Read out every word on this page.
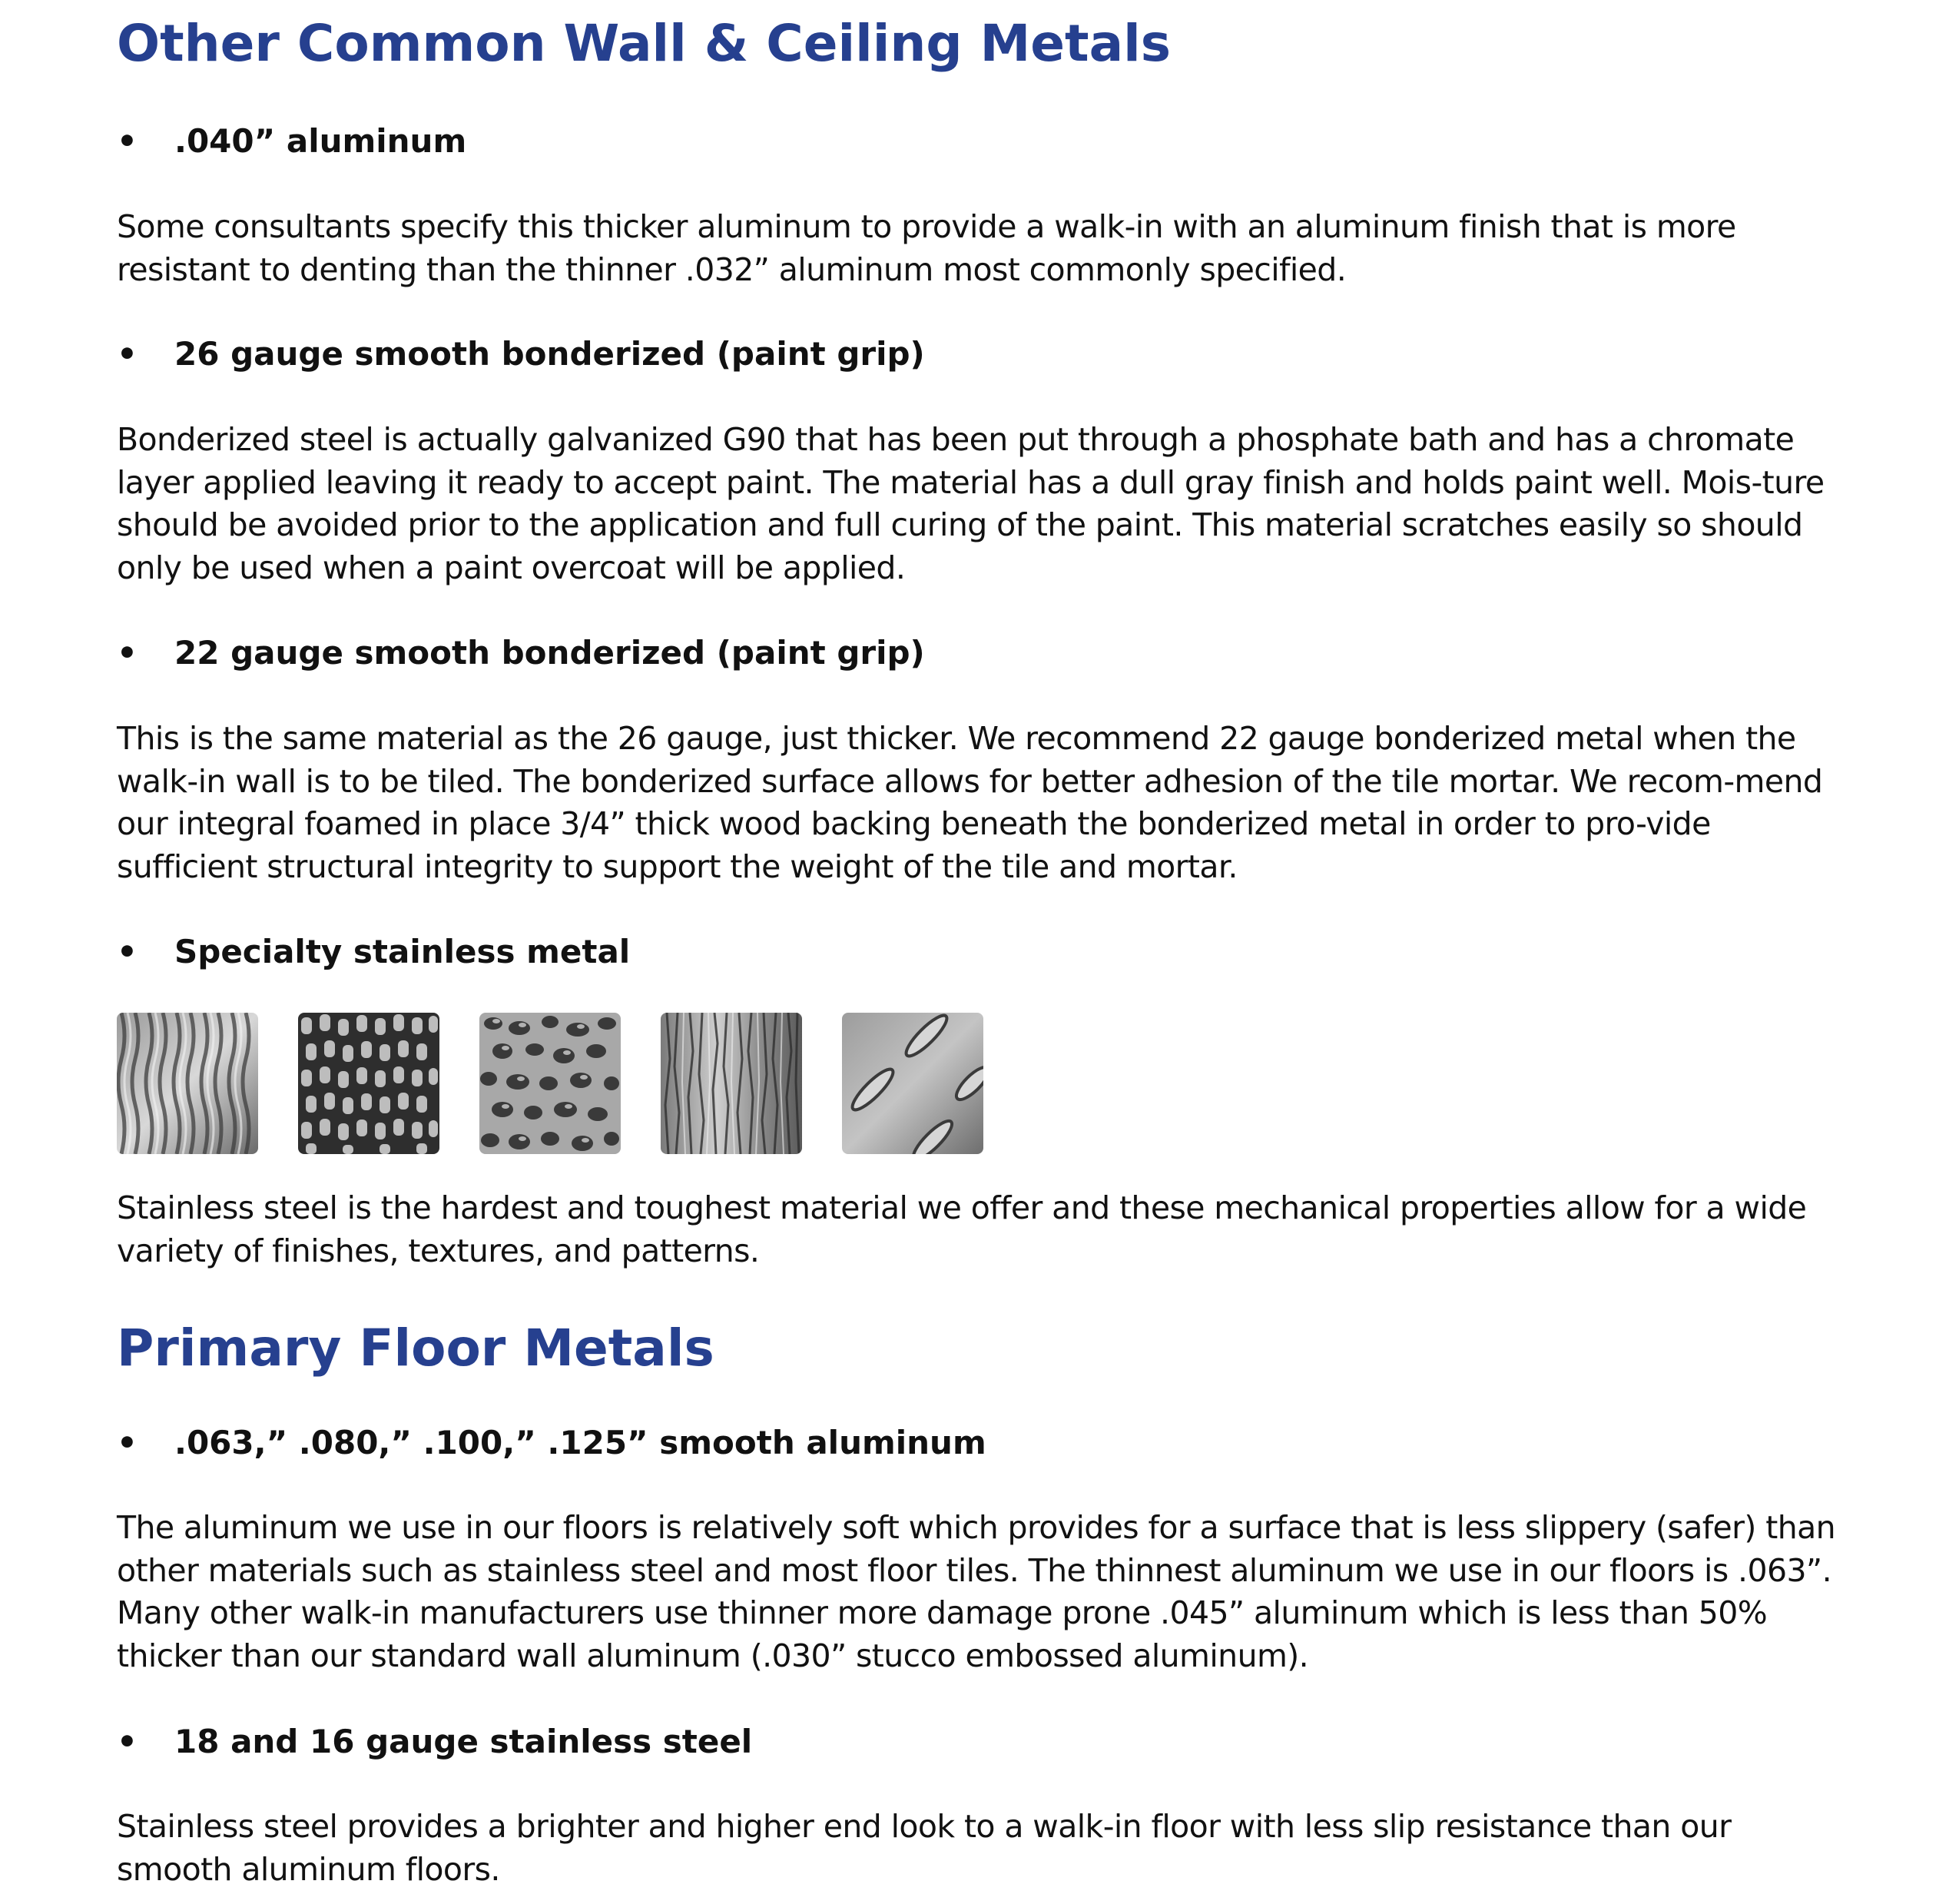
Other Common Wall & Ceiling Metals
• .040” aluminum

Some consultants specify this thicker aluminum to provide a walk-in with an aluminum finish that is more resistant to denting than the thinner .032” aluminum most commonly specified.

• 26 gauge smooth bonderized (paint grip)

Bonderized steel is actually galvanized G90 that has been put through a phosphate bath and has a chromate layer applied leaving it ready to accept paint. The material has a dull gray finish and holds paint well. Mois-ture should be avoided prior to the application and full curing of the paint. This material scratches easily so should only be used when a paint overcoat will be applied.

• 22 gauge smooth bonderized (paint grip)

This is the same material as the 26 gauge, just thicker. We recommend 22 gauge bonderized metal when the walk-in wall is to be tiled. The bonderized surface allows for better adhesion of the tile mortar. We recom-mend our integral foamed in place 3/4” thick wood backing beneath the bonderized metal in order to pro-vide sufficient structural integrity to support the weight of the tile and mortar.

• Specialty stainless metal

Stainless steel is the hardest and toughest material we offer and these mechanical properties allow for a wide variety of finishes, textures, and patterns.

Primary Floor Metals
• .063,” .080,” .100,” .125” smooth aluminum

The aluminum we use in our floors is relatively soft which provides for a surface that is less slippery (safer) than other materials such as stainless steel and most floor tiles. The thinnest aluminum we use in our floors is .063”. Many other walk-in manufacturers use thinner more damage prone .045” aluminum which is less than 50% thicker than our standard wall aluminum (.030” stucco embossed aluminum).

• 18 and 16 gauge stainless steel

Stainless steel provides a brighter and higher end look to a walk-in floor with less slip resistance than our smooth aluminum floors.
